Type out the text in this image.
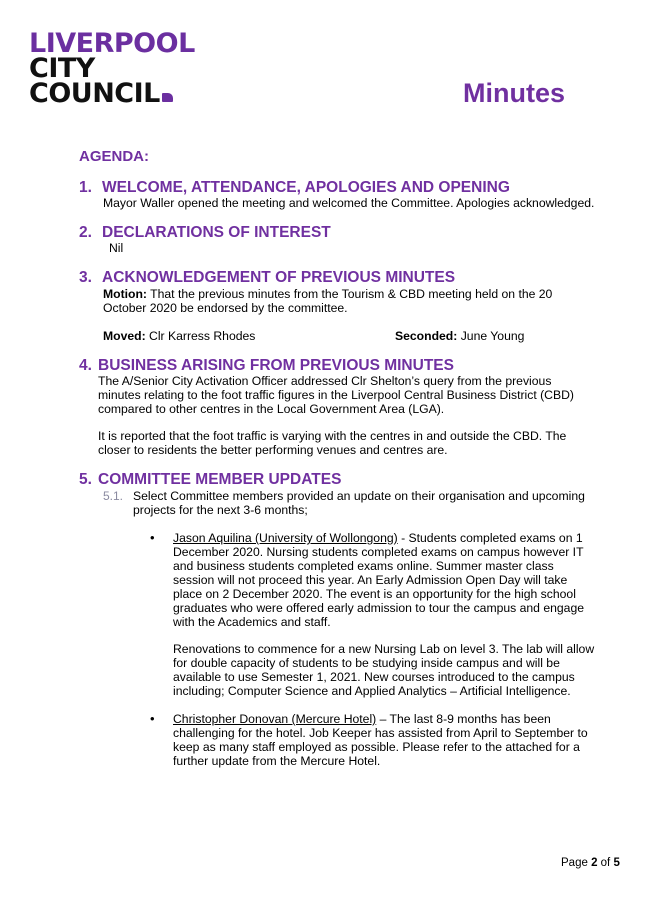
LIVERPOOL
CITY
COUNCIL	Minutes
AGENDA:
1. WELCOME, ATTENDANCE, APOLOGIES AND OPENING
Mayor Waller opened the meeting and welcomed the Committee. Apologies acknowledged.
2. DECLARATIONS OF INTEREST
Nil
3. ACKNOWLEDGEMENT OF PREVIOUS MINUTES
Motion: That the previous minutes from the Tourism & CBD meeting held on the 20
October 2020 be endorsed by the committee.
Moved: Clr Karress Rhodes	Seconded: June Young
4. BUSINESS ARISING FROM PREVIOUS MINUTES
The A/Senior City Activation Officer addressed Clr Shelton’s query from the previous
minutes relating to the foot traffic figures in the Liverpool Central Business District (CBD)
compared to other centres in the Local Government Area (LGA).
It is reported that the foot traffic is varying with the centres in and outside the CBD. The
closer to residents the better performing venues and centres are.
5. COMMITTEE MEMBER UPDATES
5.1. Select Committee members provided an update on their organisation and upcoming
projects for the next 3-6 months;
• Jason Aquilina (University of Wollongong) - Students completed exams on 1
December 2020. Nursing students completed exams on campus however IT
and business students completed exams online. Summer master class
session will not proceed this year. An Early Admission Open Day will take
place on 2 December 2020. The event is an opportunity for the high school
graduates who were offered early admission to tour the campus and engage
with the Academics and staff.
Renovations to commence for a new Nursing Lab on level 3. The lab will allow
for double capacity of students to be studying inside campus and will be
available to use Semester 1, 2021. New courses introduced to the campus
including; Computer Science and Applied Analytics – Artificial Intelligence.
• Christopher Donovan (Mercure Hotel) – The last 8-9 months has been
challenging for the hotel. Job Keeper has assisted from April to September to
keep as many staff employed as possible. Please refer to the attached for a
further update from the Mercure Hotel.
Page 2 of 5
